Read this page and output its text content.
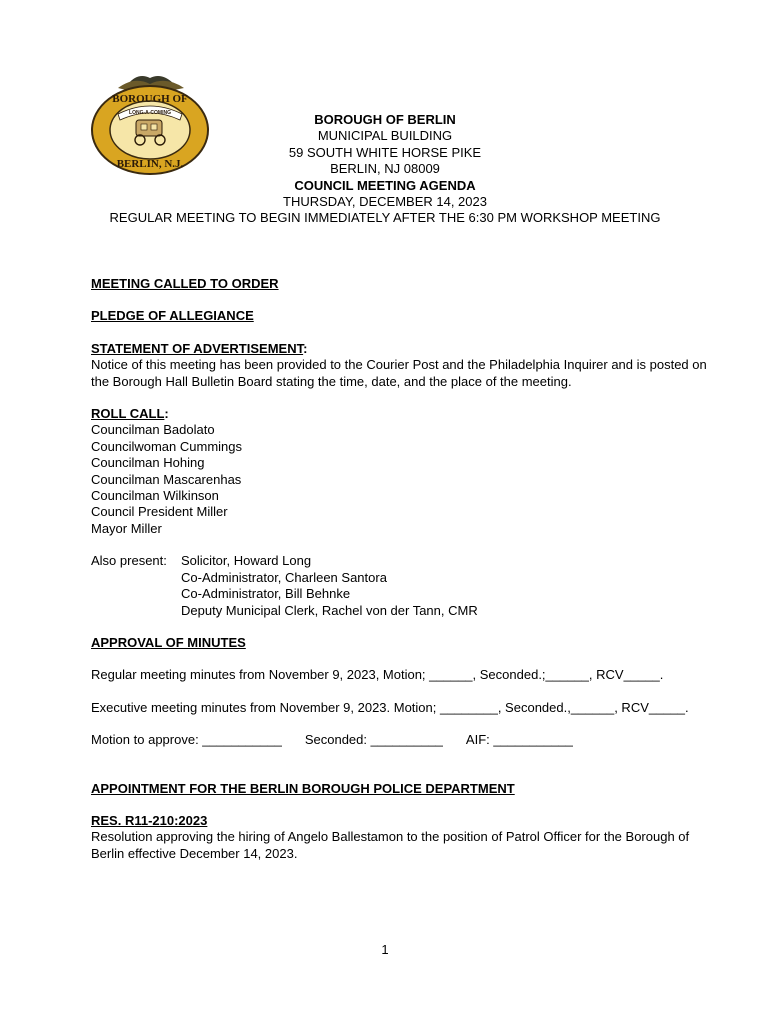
LONG-A-COMING
BOROUGH OF
BERLIN, N.J.
BOROUGH OF BERLIN
MUNICIPAL BUILDING
59 SOUTH WHITE HORSE PIKE
BERLIN, NJ 08009
COUNCIL MEETING AGENDA
THURSDAY, DECEMBER 14, 2023
REGULAR MEETING TO BEGIN IMMEDIATELY AFTER THE 6:30 PM WORKSHOP MEETING
MEETING CALLED TO ORDER
PLEDGE OF ALLEGIANCE
STATEMENT OF ADVERTISEMENT:

Notice of this meeting has been provided to the Courier Post and the Philadelphia Inquirer and is posted on the Borough Hall Bulletin Board stating the time, date, and the place of the meeting.

ROLL CALL:
Councilman Badolato
Councilwoman Cummings
Councilman Hohing
Councilman Mascarenhas
Councilman Wilkinson
Council President Miller
Mayor Miller
Also present:	Solicitor, Howard Long
Co-Administrator, Charleen Santora
Co-Administrator, Bill Behnke
Deputy Municipal Clerk, Rachel von der Tann, CMR
APPROVAL OF MINUTES

Regular meeting minutes from November 9, 2023, Motion; ______, Seconded.;______, RCV_____.

Executive meeting minutes from November 9, 2023. Motion; ________, Seconded.,______, RCV_____.

Motion to approve: ___________ Seconded: __________ AIF: ___________
APPOINTMENT FOR THE BERLIN BOROUGH POLICE DEPARTMENT
RES. R11-210:2023

Resolution approving the hiring of Angelo Ballestamon to the position of Patrol Officer for the Borough of Berlin effective December 14, 2023.

1
